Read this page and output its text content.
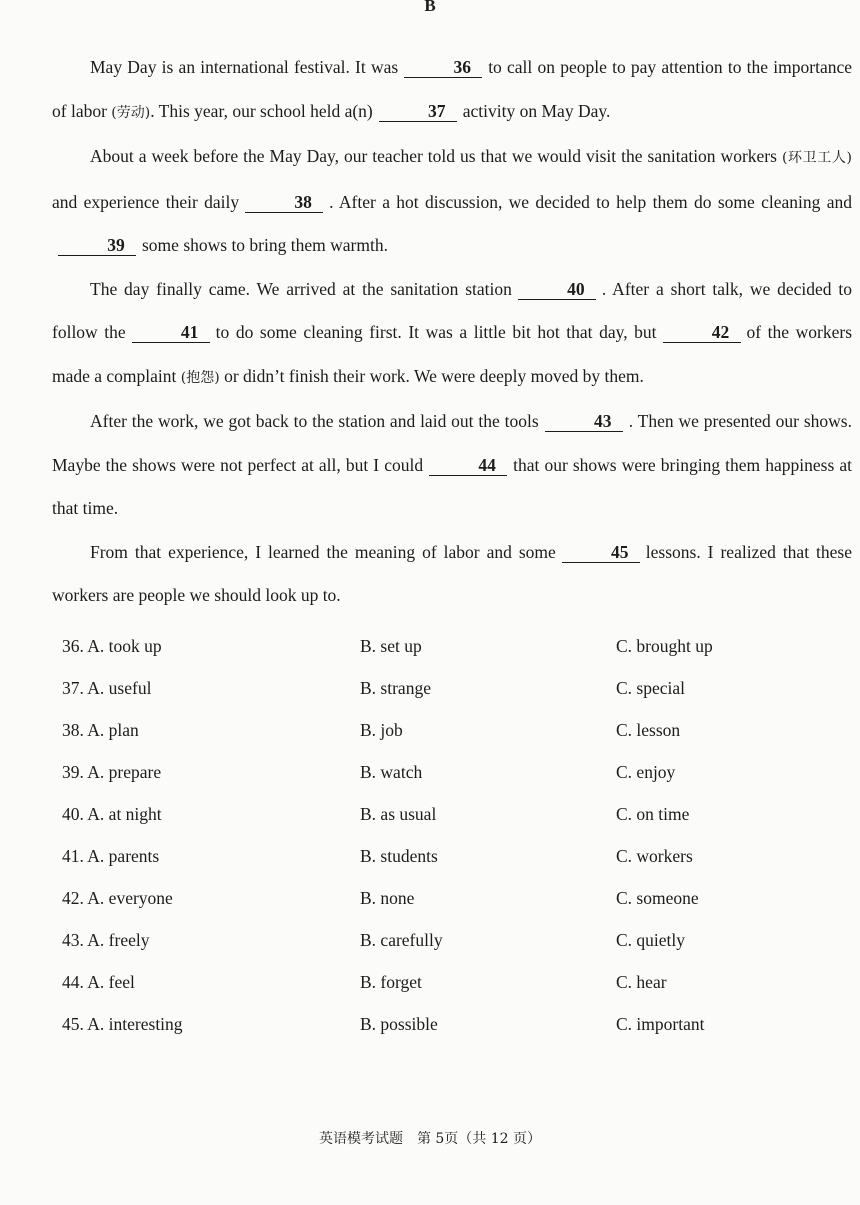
B

May Day is an international festival. It was	36 to call on people to pay attention to the importance of labor (劳动). This year, our school held a(n)	37 activity on May Day.

About a week before the May Day, our teacher told us that we would visit the sanitation workers (环卫工人) and experience their daily	38 . After a hot discussion, we decided to help them do some cleaning and39 some shows to bring them warmth.

The day finally came. We arrived at the sanitation station	40 . After a short talk, we decided to follow the	41 to do some cleaning first. It was a little bit hot that day, but	42 of the workers made a complaint (抱怨) or didn’t finish their work. We were deeply moved by them.

After the work, we got back to the station and laid out the tools	43 . Then we presented our shows. Maybe the shows were not perfect at all, but I could	44 that our shows were bringing them happiness at that time.

From that experience, I learned the meaning of labor and some	45 lessons. I realized that these workers are people we should look up to.

36. A. took up	B. set up	C. brought up
37. A. useful	B. strange	C. special
38. A. plan	B. job	C. lesson
39. A. prepare	B. watch	C. enjoy
40. A. at night	B. as usual	C. on time
41. A. parents	B. students	C. workers
42. A. everyone	B. none	C. someone
43. A. freely	B. carefully	C. quietly
44. A. feel	B. forget	C. hear
45. A. interesting	B. possible	C. important
英语模考试题　第 5页（共 12 页）
